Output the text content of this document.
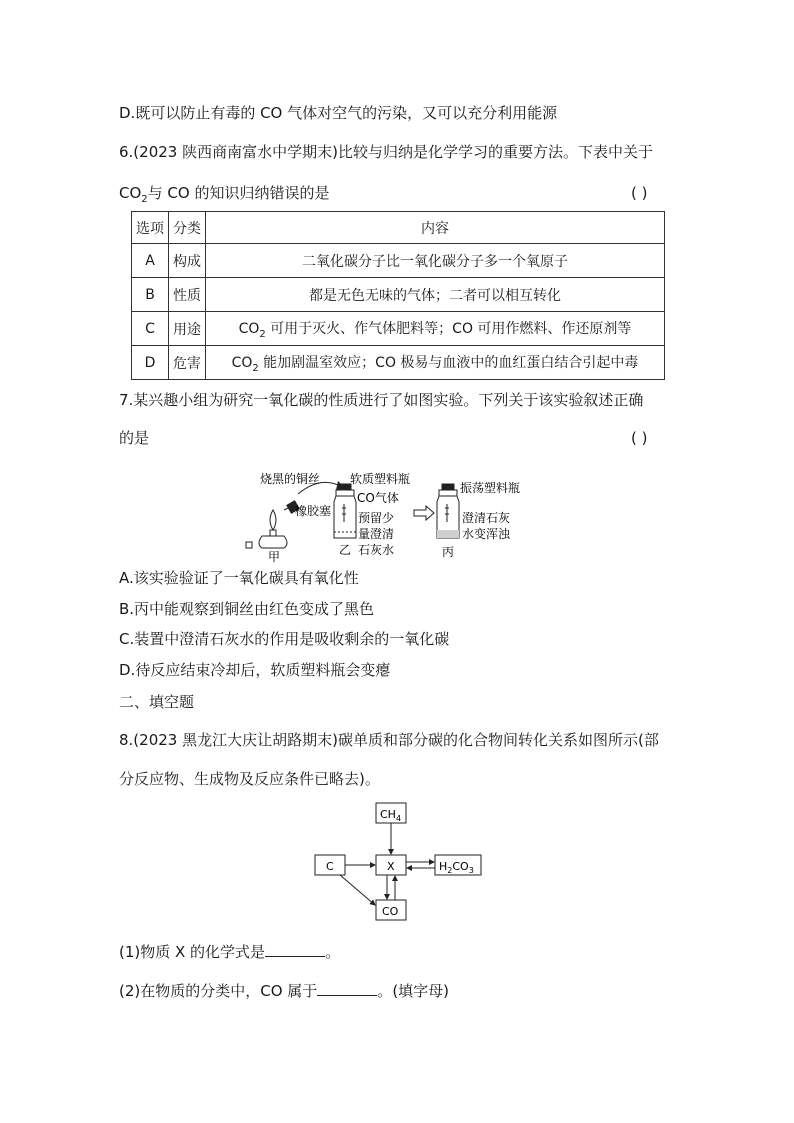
D.既可以防止有毒的 CO 气体对空气的污染，又可以充分利用能源
6.(2023 陕西商南富水中学期末)比较与归纳是化学学习的重要方法。下表中关于
$CO_2$与 CO 的知识归纳错误的是	( )
选项	分类	内容
A	构成	二氧化碳分子比一氧化碳分子多一个氧原子
B	性质	都是无色无味的气体；二者可以相互转化
C	用途	$CO_2$ 可用于灭火、作气体肥料等；CO 可用作燃料、作还原剂等
D	危害	$CO_2$ 能加剧温室效应；CO 极易与血液中的血红蛋白结合引起中毒
7.某兴趣小组为研究一氧化碳的性质进行了如图实验。下列关于该实验叙述正确
的是	( )
烧黑的铜丝 软质塑料瓶
CO气体
橡胶塞 预留少
量澄清
石灰水
振荡塑料瓶
澄清石灰
水变浑浊
甲	乙	丙
A.该实验验证了一氧化碳具有氧化性
B.丙中能观察到铜丝由红色变成了黑色
C.装置中澄清石灰水的作用是吸收剩余的一氧化碳
D.待反应结束冷却后，软质塑料瓶会变瘪
二、填空题
8.(2023 黑龙江大庆让胡路期末)碳单质和部分碳的化合物间转化关系如图所示(部
分反应物、生成物及反应条件已略去)。
$CH_4$
C	X	$H_2CO_3$
CO
(1)物质 X 的化学式是	。
(2)在物质的分类中，CO 属于	。(填字母)
